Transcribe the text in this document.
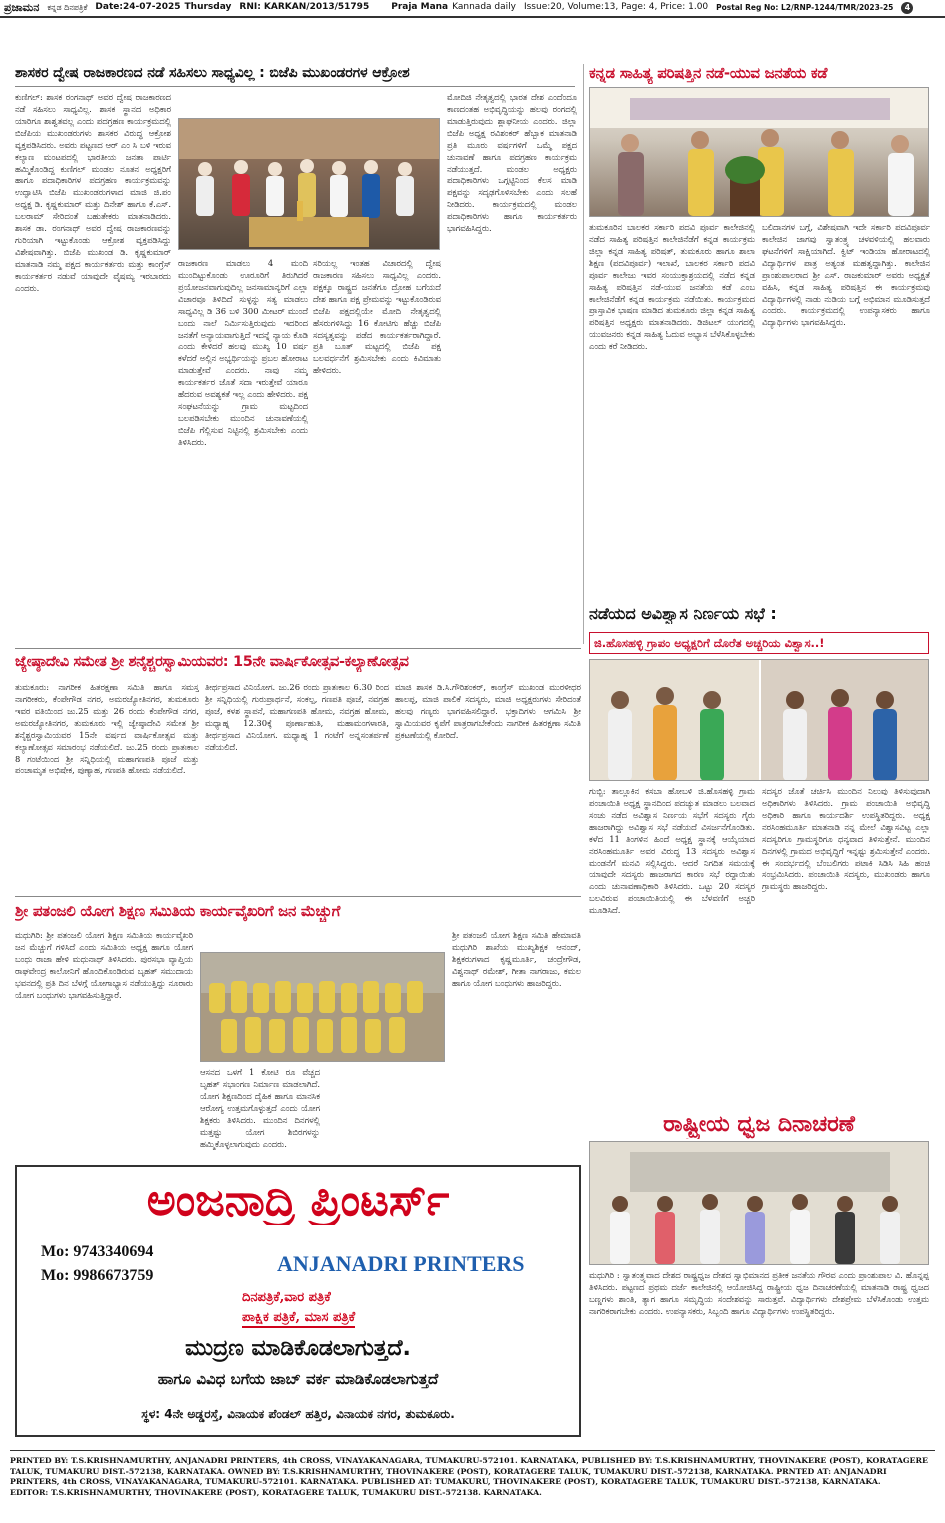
ಪ್ರಜಾಮನ	ಕನ್ನಡ ದಿನಪತ್ರಿಕೆ Date:24-07-2025 Thursday RNI: KARKAN/2013/51795	Praja Mana Kannada daily Issue:20, Volume:13, Page: 4, Price: 1.00	Postal Reg No: L2/RNP-1244/TMR/2023-25	4
ಶಾಸಕರ ದ್ವೇಷ ರಾಜಕಾರಣದ ನಡೆ ಸಹಿಸಲು ಸಾಧ್ಯವಿಲ್ಲ : ಬಿಜೆಪಿ ಮುಖಂಡರಗಳ ಆಕ್ರೋಶ
ಕುಣಿಗಲ್: ಶಾಸಕ ರಂಗನಾಥ್ ಅವರ ದ್ವೇಷ ರಾಜಕಾರಣದ ನಡೆ ಸಹಿಸಲು ಸಾಧ್ಯವಿಲ್ಲ. ಶಾಸಕ ಸ್ಥಾನದ ಅಧಿಕಾರ ಯಾರಿಗೂ ಶಾಶ್ವತವಲ್ಲ ಎಂದು ಪದಗ್ರಹಣ ಕಾರ್ಯಕ್ರಮದಲ್ಲಿ ಬಿಜೆಪಿಯ ಮುಖಂಡರುಗಳು ಶಾಸಕರ ವಿರುದ್ಧ ಆಕ್ರೋಶ ವ್ಯಕ್ತಪಡಿಸಿದರು. ಅವರು ಪಟ್ಟಣದ ಆರ್ ಎಂ ಸಿ ಬಳಿ ಇರುವ ಕಲ್ಯಾಣ ಮಂಟಪದಲ್ಲಿ ಭಾರತೀಯ ಜನತಾ ಪಾರ್ಟಿ ಹಮ್ಮಿಕೊಂಡಿದ್ದ ಕುಣಿಗಲ್ ಮಂಡಲ ನೂತನ ಅಧ್ಯಕ್ಷರಿಗೆ ಹಾಗೂ ಪದಾಧಿಕಾರಿಗಳ ಪದಗ್ರಹಣ ಕಾರ್ಯಕ್ರಮವನ್ನು ಉದ್ಘಾಟಿಸಿ ಬಿಜೆಪಿ ಮುಖಂಡರುಗಳಾದ ಮಾಜಿ ಜಿ.ಪಂ ಅಧ್ಯಕ್ಷ ಡಿ. ಕೃಷ್ಣಕುಮಾರ್ ಮತ್ತು ದಿನೇಶ್ ಹಾಗೂ ಕೆ.ಎಸ್. ಬಲರಾಮ್ ಸೇರಿದಂತೆ ಬಹುತೇಕರು ಮಾತನಾಡಿದರು. ಶಾಸಕ ಡಾ. ರಂಗನಾಥ್ ಅವರ ದ್ವೇಷ ರಾಜಕಾರಣವನ್ನು ಗುರಿಯಾಗಿ ಇಟ್ಟುಕೊಂಡು ಆಕ್ರೋಶ ವ್ಯಕ್ತಪಡಿಸಿದ್ದು ವಿಶೇಷವಾಗಿತ್ತು. ಬಿಜೆಪಿ ಮುಖಂಡ ಡಿ. ಕೃಷ್ಣಕುಮಾರ್ ಮಾತನಾಡಿ ನಮ್ಮ ಪಕ್ಷದ ಕಾರ್ಯಕರ್ತರು ಮತ್ತು ಕಾಂಗ್ರೆಸ್ ಕಾರ್ಯಕರ್ತರ ನಡುವೆ ಯಾವುದೇ ವೈಷಮ್ಯ ಇರಬಾರದು ಎಂದರು.
ರಾಜಕಾರಣ ಮಾಡಲು 4 ಮಂದಿ ಮುಂದಿಟ್ಟುಕೊಂಡು ಊರೂರಿಗೆ ತಿರುಗಿದರೆ ಪ್ರಯೋಜನವಾಗುವುದಿಲ್ಲ ಜನಸಾಮಾನ್ಯರಿಗೆ ಎಲ್ಲಾ ವಿಚಾರವೂ ತಿಳಿದಿದೆ ಸುಳ್ಳನ್ನು ಸತ್ಯ ಮಾಡಲು ಸಾಧ್ಯವಿಲ್ಲ ಡಿ 36 ಬಳಿ 300 ಮೀಟರ್ ಮುಂದೆ ಬಂದು ನಾಲೆ ನಿರ್ಮಿಸುತ್ತಿರುವುದು ಇದರಿಂದ ಜನತೆಗೆ ಅನ್ಯಾಯವಾಗುತ್ತಿದೆ ಇದನ್ನೆ ನ್ಯಾಯ ಕೊಡಿ ಎಂದು ಕೇಳಿದರೆ ಹಲವು ಮುಖ್ಯ 10 ವರ್ಷ ಕಳೆದರೆ ಅಲ್ಲಿನ ಅಭ್ಯರ್ಥಿಯನ್ನು ಪ್ರಬಲ ಹೋರಾಟ ಮಾಡುತ್ತೇವೆ ಎಂದರು. ನಾವು ನಮ್ಮ ಕಾರ್ಯಕರ್ತರ ಜೊತೆ ಸದಾ ಇರುತ್ತೇವೆ ಯಾರೂ ಹೆದರುವ ಅವಶ್ಯಕತೆ ಇಲ್ಲ ಎಂದು ಹೇಳಿದರು. ಪಕ್ಷ ಸಂಘಟನೆಯನ್ನು ಗ್ರಾಮ ಮಟ್ಟದಿಂದ ಬಲಪಡಿಸಬೇಕು ಮುಂದಿನ ಚುನಾವಣೆಯಲ್ಲಿ ಬಿಜೆಪಿ ಗೆಲ್ಲಿಸುವ ನಿಟ್ಟಿನಲ್ಲಿ ಶ್ರಮಿಸಬೇಕು ಎಂದು ತಿಳಿಸಿದರು.
ಸರಿಯಲ್ಲ ಇಂತಹ ವಿಚಾರದಲ್ಲಿ ದ್ವೇಷ ರಾಜಕಾರಣ ಸಹಿಸಲು ಸಾಧ್ಯವಿಲ್ಲ ಎಂದರು. ಪಕ್ಷಕ್ಕೂ ರಾಷ್ಟ್ರದ ಜನತೆಗೂ ದ್ರೋಹ ಬಗೆಯದೆ ದೇಶ ಹಾಗೂ ಪಕ್ಷ ಪ್ರೇಮವನ್ನು ಇಟ್ಟುಕೊಂಡಿರುವ ಬಿಜೆಪಿ ಪಕ್ಷದಲ್ಲಿಯೇ ಮೋದಿ ನೇತೃತ್ವದಲ್ಲಿ ಹೆಸರುಗಳಿಸಿದ್ದು 16 ಕೋಟಿಗು ಹೆಚ್ಚು ಬಿಜೆಪಿ ಸದಸ್ಯತ್ವವನ್ನು ಪಡೆದ ಕಾರ್ಯಕರ್ತರಾಗಿದ್ದಾರೆ. ಪ್ರತಿ ಬೂತ್ ಮಟ್ಟದಲ್ಲಿ ಬಿಜೆಪಿ ಪಕ್ಷ ಬಲವರ್ಧನೆಗೆ ಶ್ರಮಿಸಬೇಕು ಎಂದು ಕಿವಿಮಾತು ಹೇಳಿದರು.
ಮೋದಿಜಿ ನೇತೃತ್ವದಲ್ಲಿ ಭಾರತ ದೇಶ ಎಂದೆಂದೂ ಕಾಣದಂತಹ ಅಭಿವೃದ್ಧಿಯನ್ನು ಹಲವು ರಂಗದಲ್ಲಿ ಮಾಡುತ್ತಿರುವುದು ಶ್ಲಾಘನೀಯ ಎಂದರು. ಜಿಲ್ಲಾ ಬಿಜೆಪಿ ಅಧ್ಯಕ್ಷ ರವಿಶಂಕರ್ ಹೆಬ್ಬಾಕ ಮಾತನಾಡಿ ಪ್ರತಿ ಮೂರು ವರ್ಷಗಳಿಗೆ ಒಮ್ಮೆ ಪಕ್ಷದ ಚುನಾವಣೆ ಹಾಗೂ ಪದಗ್ರಹಣ ಕಾರ್ಯಕ್ರಮ ನಡೆಯುತ್ತದೆ. ಮಂಡಲ ಅಧ್ಯಕ್ಷರು ಪದಾಧಿಕಾರಿಗಳು ಒಗ್ಗಟ್ಟಿನಿಂದ ಕೆಲಸ ಮಾಡಿ ಪಕ್ಷವನ್ನು ಸದೃಢಗೊಳಿಸಬೇಕು ಎಂದು ಸಲಹೆ ನೀಡಿದರು. ಕಾರ್ಯಕ್ರಮದಲ್ಲಿ ಮಂಡಲ ಪದಾಧಿಕಾರಿಗಳು ಹಾಗೂ ಕಾರ್ಯಕರ್ತರು ಭಾಗವಹಿಸಿದ್ದರು.
ಕನ್ನಡ ಸಾಹಿತ್ಯ ಪರಿಷತ್ತಿನ ನಡೆ-ಯುವ ಜನತೆಯ ಕಡೆ
ತುಮಕೂರಿನ ಬಾಲಕರ ಸರ್ಕಾರಿ ಪದವಿ ಪೂರ್ವ ಕಾಲೇಜಿನಲ್ಲಿ ನಡೆದ ಸಾಹಿತ್ಯ ಪರಿಷತ್ತಿನ ಕಾಲೇಜಿನೆಡೆಗೆ ಕನ್ನಡ ಕಾರ್ಯಕ್ರಮ ಜಿಲ್ಲಾ ಕನ್ನಡ ಸಾಹಿತ್ಯ ಪರಿಷತ್, ತುಮಕೂರು ಹಾಗೂ ಶಾಲಾ ಶಿಕ್ಷಣ (ಪದವಿಪೂರ್ವ) ಇಲಾಖೆ, ಬಾಲಕರ ಸರ್ಕಾರಿ ಪದವಿ ಪೂರ್ವ ಕಾಲೇಜು ಇವರ ಸಂಯುಕ್ತಾಶ್ರಯದಲ್ಲಿ ನಡೆದ ಕನ್ನಡ ಸಾಹಿತ್ಯ ಪರಿಷತ್ತಿನ ನಡೆ-ಯುವ ಜನತೆಯ ಕಡೆ ಎಂಬ ಕಾಲೇಜಿನೆಡೆಗೆ ಕನ್ನಡ ಕಾರ್ಯಕ್ರಮ ನಡೆಯಿತು. ಕಾರ್ಯಕ್ರಮದ ಪ್ರಾಸ್ತಾವಿಕ ಭಾಷಣ ಮಾಡಿದ ತುಮಕೂರು ಜಿಲ್ಲಾ ಕನ್ನಡ ಸಾಹಿತ್ಯ ಪರಿಷತ್ತಿನ ಅಧ್ಯಕ್ಷರು ಮಾತನಾಡಿದರು. ಡಿಜಿಟಲ್ ಯುಗದಲ್ಲಿ ಯುವಜನರು ಕನ್ನಡ ಸಾಹಿತ್ಯ ಓದುವ ಅಭ್ಯಾಸ ಬೆಳೆಸಿಕೊಳ್ಳಬೇಕು ಎಂದು ಕರೆ ನೀಡಿದರು.
ಬಲಿದಾನಗಳ ಬಗ್ಗೆ, ವಿಶೇಷವಾಗಿ ಇದೇ ಸರ್ಕಾರಿ ಪದವಿಪೂರ್ವ ಕಾಲೇಜಿನ ಜಾಗವು ಸ್ವಾತಂತ್ರ್ಯ ಚಳವಳಿಯಲ್ಲಿ ಹಲವಾರು ಘಟನೆಗಳಿಗೆ ಸಾಕ್ಷಿಯಾಗಿದೆ. ಕ್ವಿಟ್ ಇಂಡಿಯಾ ಹೋರಾಟದಲ್ಲಿ ವಿದ್ಯಾರ್ಥಿಗಳ ಪಾತ್ರ ಅತ್ಯಂತ ಮಹತ್ವದ್ದಾಗಿತ್ತು. ಕಾಲೇಜಿನ ಪ್ರಾಂಶುಪಾಲರಾದ ಶ್ರೀ ಎಸ್. ರಾಜಕುಮಾರ್ ಅವರು ಅಧ್ಯಕ್ಷತೆ ವಹಿಸಿ, ಕನ್ನಡ ಸಾಹಿತ್ಯ ಪರಿಷತ್ತಿನ ಈ ಕಾರ್ಯಕ್ರಮವು ವಿದ್ಯಾರ್ಥಿಗಳಲ್ಲಿ ನಾಡು ನುಡಿಯ ಬಗ್ಗೆ ಅಭಿಮಾನ ಮೂಡಿಸುತ್ತದೆ ಎಂದರು. ಕಾರ್ಯಕ್ರಮದಲ್ಲಿ ಉಪನ್ಯಾಸಕರು ಹಾಗೂ ವಿದ್ಯಾರ್ಥಿಗಳು ಭಾಗವಹಿಸಿದ್ದರು.
ನಡೆಯದ ಅವಿಶ್ವಾಸ ನಿರ್ಣಯ ಸಭೆ :
ಜಿ.ಹೊಸಹಳ್ಳಿ ಗ್ರಾಪಂ ಅಧ್ಯಕ್ಷರಿಗೆ ದೊರೆತ ಅಚ್ಚರಿಯ ವಿಶ್ವಾಸ..!
ಗುಬ್ಬಿ: ತಾಲ್ಲೂಕಿನ ಕಸಬಾ ಹೋಬಳಿ ಜಿ.ಹೊಸಹಳ್ಳಿ ಗ್ರಾಮ ಪಂಚಾಯಿತಿ ಅಧ್ಯಕ್ಷ ಸ್ಥಾನದಿಂದ ಪದಚ್ಯುತ ಮಾಡಲು ಬಲವಾದ ಸಂಚು ನಡೆದ ಅವಿಶ್ವಾಸ ನಿರ್ಣಯ ಸಭೆಗೆ ಸದಸ್ಯರು ಗೈರು ಹಾಜರಾಗಿದ್ದು ಅವಿಶ್ವಾಸ ಸಭೆ ನಡೆಯದೆ ವಿಸರ್ಜನೆಗೊಂಡಿತು. ಕಳೆದ 11 ತಿಂಗಳಿನ ಹಿಂದೆ ಅಧ್ಯಕ್ಷ ಸ್ಥಾನಕ್ಕೆ ಆಯ್ಕೆಯಾದ ನರಸಿಂಹಮೂರ್ತಿ ಅವರ ವಿರುದ್ಧ 13 ಸದಸ್ಯರು ಅವಿಶ್ವಾಸ ಮಂಡನೆಗೆ ಮನವಿ ಸಲ್ಲಿಸಿದ್ದರು. ಆದರೆ ನಿಗದಿತ ಸಮಯಕ್ಕೆ ಯಾವುದೇ ಸದಸ್ಯರು ಹಾಜರಾಗದ ಕಾರಣ ಸಭೆ ರದ್ದಾಯಿತು ಎಂದು ಚುನಾವಣಾಧಿಕಾರಿ ತಿಳಿಸಿದರು. ಒಟ್ಟು 20 ಸದಸ್ಯರ ಬಲವಿರುವ ಪಂಚಾಯಿತಿಯಲ್ಲಿ ಈ ಬೆಳವಣಿಗೆ ಅಚ್ಚರಿ ಮೂಡಿಸಿದೆ.
ಸದಸ್ಯರ ಜೊತೆ ಚರ್ಚಿಸಿ ಮುಂದಿನ ನಿಲುವು ತಿಳಿಸುವುದಾಗಿ ಅಧಿಕಾರಿಗಳು ತಿಳಿಸಿದರು. ಗ್ರಾಮ ಪಂಚಾಯಿತಿ ಅಭಿವೃದ್ಧಿ ಅಧಿಕಾರಿ ಹಾಗೂ ಕಾರ್ಯದರ್ಶಿ ಉಪಸ್ಥಿತರಿದ್ದರು. ಅಧ್ಯಕ್ಷ ನರಸಿಂಹಮೂರ್ತಿ ಮಾತನಾಡಿ ನನ್ನ ಮೇಲೆ ವಿಶ್ವಾಸವಿಟ್ಟ ಎಲ್ಲಾ ಸದಸ್ಯರಿಗೂ ಗ್ರಾಮಸ್ಥರಿಗೂ ಧನ್ಯವಾದ ತಿಳಿಸುತ್ತೇನೆ. ಮುಂದಿನ ದಿನಗಳಲ್ಲಿ ಗ್ರಾಮದ ಅಭಿವೃದ್ಧಿಗೆ ಇನ್ನಷ್ಟು ಶ್ರಮಿಸುತ್ತೇನೆ ಎಂದರು. ಈ ಸಂದರ್ಭದಲ್ಲಿ ಬೆಂಬಲಿಗರು ಪಟಾಕಿ ಸಿಡಿಸಿ ಸಿಹಿ ಹಂಚಿ ಸಂಭ್ರಮಿಸಿದರು. ಪಂಚಾಯಿತಿ ಸದಸ್ಯರು, ಮುಖಂಡರು ಹಾಗೂ ಗ್ರಾಮಸ್ಥರು ಹಾಜರಿದ್ದರು.
ಜ್ಯೇಷ್ಠಾದೇವಿ ಸಮೇತ ಶ್ರೀ ಶನೈಶ್ಚರಸ್ವಾಮಿಯವರ: 15ನೇ ವಾರ್ಷಿಕೋತ್ಸವ-ಕಲ್ಯಾಣೋತ್ಸವ
ತುಮಕೂರು: ನಾಗರೀಕ ಹಿತರಕ್ಷಣಾ ಸಮಿತಿ ಹಾಗೂ ಸಮಸ್ತ ನಾಗರೀಕರು, ಕೆಂಪೇಗೌಡ ನಗರ, ಅಮರಜ್ಯೋತಿನಗರ, ತುಮಕೂರು ಇವರ ವತಿಯಿಂದ ಜು.25 ಮತ್ತು 26 ರಂದು ಕೆಂಪೇಗೌಡ ನಗರ, ಅಮರಜ್ಯೋತಿನಗರ, ತುಮಕೂರು ಇಲ್ಲಿ ಜ್ಯೇಷ್ಠಾದೇವಿ ಸಮೇತ ಶ್ರೀ ಶನೈಶ್ಚರಸ್ವಾಮಿಯವರ 15ನೇ ವರ್ಷದ ವಾರ್ಷಿಕೋತ್ಸವ ಮತ್ತು ಕಲ್ಯಾಣೋತ್ಸವ ಸಮಾರಂಭ ನಡೆಯಲಿದೆ. ಜು.25 ರಂದು ಪ್ರಾತಃಕಾಲ 8 ಗಂಟೆಯಿಂದ ಶ್ರೀ ಸನ್ನಿಧಿಯಲ್ಲಿ ಮಹಾಗಣಪತಿ ಪೂಜೆ ಮತ್ತು ಪಂಚಾಮೃತ ಅಭಿಷೇಕ, ಪುಣ್ಯಾಹ, ಗಣಪತಿ ಹೋಮ ನಡೆಯಲಿದೆ.
ತೀರ್ಥಪ್ರಸಾದ ವಿನಿಯೋಗ. ಜು.26 ರಂದು ಪ್ರಾತಃಕಾಲ 6.30 ರಿಂದ ಶ್ರೀ ಸನ್ನಿಧಿಯಲ್ಲಿ ಗುರುಪ್ರಾರ್ಥನೆ, ಸಂಕಲ್ಪ, ಗಣಪತಿ ಪೂಜೆ, ನವಗ್ರಹ ಪೂಜೆ, ಕಳಶ ಸ್ಥಾಪನೆ, ಮಹಾಗಣಪತಿ ಹೋಮ, ನವಗ್ರಹ ಹೋಮ, ಮಧ್ಯಾಹ್ನ 12.30ಕ್ಕೆ ಪೂರ್ಣಾಹುತಿ, ಮಹಾಮಂಗಳಾರತಿ, ತೀರ್ಥಪ್ರಸಾದ ವಿನಿಯೋಗ. ಮಧ್ಯಾಹ್ನ 1 ಗಂಟೆಗೆ ಅನ್ನಸಂತರ್ಪಣೆ ನಡೆಯಲಿದೆ.
ಮಾಜಿ ಶಾಸಕ ಡಿ.ಸಿ.ಗೌರಿಶಂಕರ್, ಕಾಂಗ್ರೆಸ್ ಮುಖಂಡ ಮುರಳೀಧರ ಹಾಲಪ್ಪ, ಮಾಜಿ ಪಾಲಿಕೆ ಸದಸ್ಯರು, ಮಾಜಿ ಅಧ್ಯಕ್ಷರುಗಳು ಸೇರಿದಂತೆ ಹಲವು ಗಣ್ಯರು ಭಾಗವಹಿಸಲಿದ್ದಾರೆ. ಭಕ್ತಾದಿಗಳು ಆಗಮಿಸಿ ಶ್ರೀ ಸ್ವಾಮಿಯವರ ಕೃಪೆಗೆ ಪಾತ್ರರಾಗಬೇಕೆಂದು ನಾಗರೀಕ ಹಿತರಕ್ಷಣಾ ಸಮಿತಿ ಪ್ರಕಟಣೆಯಲ್ಲಿ ಕೋರಿದೆ.
ಶ್ರೀ ಪತಂಜಲಿ ಯೋಗ ಶಿಕ್ಷಣ ಸಮಿತಿಯ ಕಾರ್ಯವೈಖರಿಗೆ ಜನ ಮೆಚ್ಚುಗೆ
ಮಧುಗಿರಿ: ಶ್ರೀ ಪತಂಜಲಿ ಯೋಗ ಶಿಕ್ಷಣ ಸಮಿತಿಯ ಕಾರ್ಯವೈಖರಿ ಜನ ಮೆಚ್ಚುಗೆ ಗಳಿಸಿದೆ ಎಂದು ಸಮಿತಿಯ ಅಧ್ಯಕ್ಷ ಹಾಗೂ ಯೋಗ ಬಂಧು ರಾಜಾ ಹೇಳಿ ಮಧುನಾಥ್ ತಿಳಿಸಿದರು. ಪುರಸಭಾ ವ್ಯಾಪ್ತಿಯ ರಾಘವೇಂದ್ರ ಕಾಲೋನಿಗೆ ಹೊಂದಿಕೊಂಡಿರುವ ಬೃಹತ್ ಸಮುದಾಯ ಭವನದಲ್ಲಿ ಪ್ರತಿ ದಿನ ಬೆಳಗ್ಗೆ ಯೋಗಾಭ್ಯಾಸ ನಡೆಯುತ್ತಿದ್ದು ನೂರಾರು ಯೋಗ ಬಂಧುಗಳು ಭಾಗವಹಿಸುತ್ತಿದ್ದಾರೆ.
ಆಸನದ ಒಳಗೆ 1 ಕೋಟಿ ರೂ ವೆಚ್ಚದ ಬೃಹತ್ ಸಭಾಂಗಣ ನಿರ್ಮಾಣ ಮಾಡಲಾಗಿದೆ. ಯೋಗ ಶಿಕ್ಷಣದಿಂದ ದೈಹಿಕ ಹಾಗೂ ಮಾನಸಿಕ ಆರೋಗ್ಯ ಉತ್ತಮಗೊಳ್ಳುತ್ತದೆ ಎಂದು ಯೋಗ ಶಿಕ್ಷಕರು ತಿಳಿಸಿದರು. ಮುಂದಿನ ದಿನಗಳಲ್ಲಿ ಮತ್ತಷ್ಟು ಯೋಗ ಶಿಬಿರಗಳನ್ನು ಹಮ್ಮಿಕೊಳ್ಳಲಾಗುವುದು ಎಂದರು.
ಶ್ರೀ ಪತಂಜಲಿ ಯೋಗ ಶಿಕ್ಷಣ ಸಮಿತಿ ಹೇಮಾವತಿ ಮಧುಗಿರಿ ಶಾಖೆಯ ಮುಖ್ಯಶಿಕ್ಷಕ ಆನಂದ್, ಶಿಕ್ಷಕರುಗಳಾದ ಕೃಷ್ಣಮೂರ್ತಿ, ಚಂದ್ರೇಗೌಡ, ವಿಶ್ವನಾಥ್ ರಮೇಶ್, ಗೀತಾ ನಾಗರಾಜು, ಕಮಲ ಹಾಗೂ ಯೋಗ ಬಂಧುಗಳು ಹಾಜರಿದ್ದರು.
ರಾಷ್ಟ್ರೀಯ ಧ್ವಜ ದಿನಾಚರಣೆ
ಮಧುಗಿರಿ : ಸ್ವಾತಂತ್ರ್ಯವಾದ ದೇಶದ ರಾಷ್ಟ್ರಧ್ವಜ ದೇಶದ ಸ್ವಾಭಿಮಾನದ ಪ್ರತೀಕ ಜನತೆಯ ಗೌರವ ಎಂದು ಪ್ರಾಂಶುಪಾಲ ವಿ. ಹೊನ್ನಪ್ಪ ತಿಳಿಸಿದರು. ಪಟ್ಟಣದ ಪ್ರಥಮ ದರ್ಜೆ ಕಾಲೇಜಿನಲ್ಲಿ ಆಯೋಜಿಸಿದ್ದ ರಾಷ್ಟ್ರೀಯ ಧ್ವಜ ದಿನಾಚರಣೆಯಲ್ಲಿ ಮಾತನಾಡಿ ರಾಷ್ಟ್ರ ಧ್ವಜದ ಬಣ್ಣಗಳು ಶಾಂತಿ, ತ್ಯಾಗ ಹಾಗೂ ಸಮೃದ್ಧಿಯ ಸಂದೇಶವನ್ನು ಸಾರುತ್ತವೆ. ವಿದ್ಯಾರ್ಥಿಗಳು ದೇಶಪ್ರೇಮ ಬೆಳೆಸಿಕೊಂಡು ಉತ್ತಮ ನಾಗರಿಕರಾಗಬೇಕು ಎಂದರು. ಉಪನ್ಯಾಸಕರು, ಸಿಬ್ಬಂದಿ ಹಾಗೂ ವಿದ್ಯಾರ್ಥಿಗಳು ಉಪಸ್ಥಿತರಿದ್ದರು.
ಅಂಜನಾದ್ರಿ ಪ್ರಿಂಟರ್ಸ್
Mo: 9743340694
Mo: 9986673759	ANJANADRI PRINTERS
ದಿನಪತ್ರಿಕೆ,ವಾರ ಪತ್ರಿಕೆ
ಪಾಕ್ಷಿಕ ಪತ್ರಿಕೆ, ಮಾಸ ಪತ್ರಿಕೆ
ಮುದ್ರಣ ಮಾಡಿಕೊಡಲಾಗುತ್ತದೆ.
ಹಾಗೂ ವಿವಿಧ ಬಗೆಯ ಜಾಬ್ ವರ್ಕ ಮಾಡಿಕೊಡಲಾಗುತ್ತದೆ
ಸ್ಥಳ: 4ನೇ ಅಡ್ಡರಸ್ತೆ, ವಿನಾಯಕ ಪೆಂಡಲ್ ಹತ್ತಿರ, ವಿನಾಯಕ ನಗರ, ತುಮಕೂರು.
PRINTED BY: T.S.KRISHNAMURTHY, ANJANADRI PRINTERS, 4th CROSS, VINAYAKANAGARA, TUMAKURU-572101. KARNATAKA, PUBLISHED BY: T.S.KRISHNAMURTHY, THOVINAKERE (POST), KORATAGERE TALUK, TUMAKURU DIST.-572138, KARNATAKA. OWNED BY: T.S.KRISHNAMURTHY, THOVINAKERE (POST), KORATAGERE TALUK, TUMAKURU DIST.-572138, KARNATAKA. PRNTED AT: ANJANADRI PRINTERS, 4th CROSS, VINAYAKANAGARA, TUMAKURU-572101. KARNATAKA. PUBLISHED AT: TUMAKURU, THOVINAKERE (POST), KORATAGERE TALUK, TUMAKURU DIST.-572138, KARNATAKA.
EDITOR: T.S.KRISHNAMURTHY, THOVINAKERE (POST), KORATAGERE TALUK, TUMAKURU DIST.-572138. KARNATAKA.
